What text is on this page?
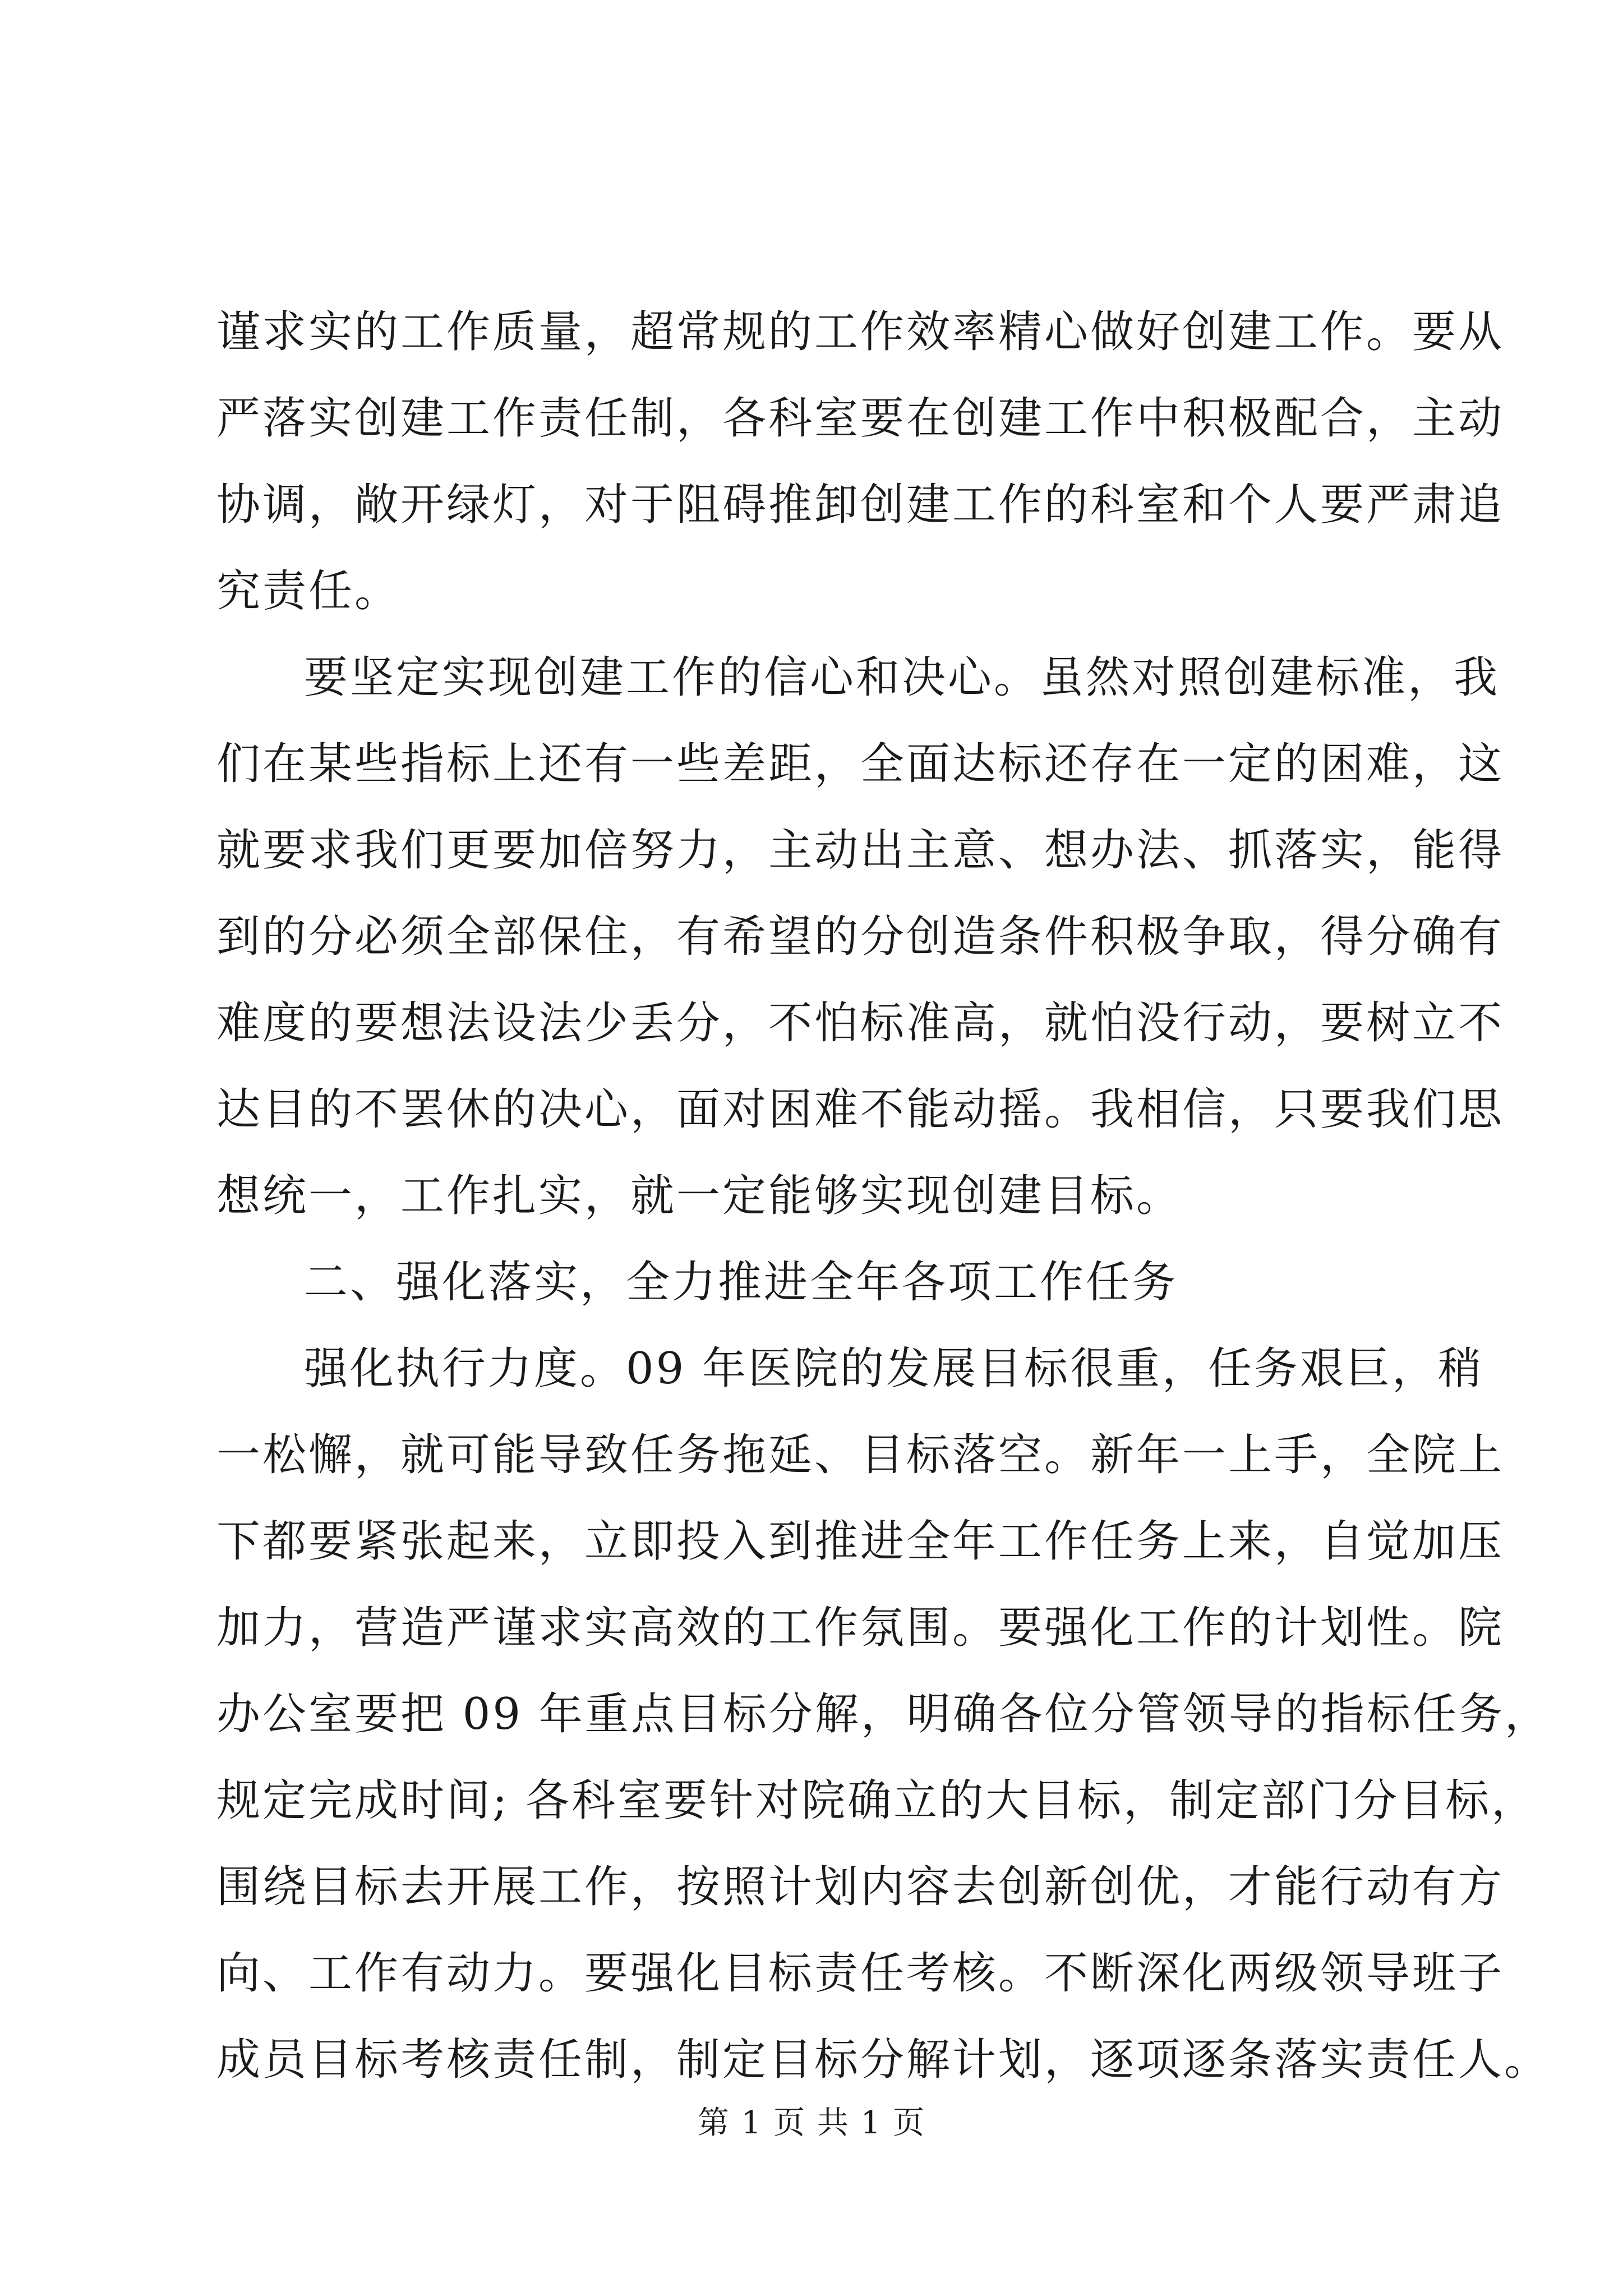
谨求实的工作质量，超常规的工作效率精心做好创建工作。要从
严落实创建工作责任制，各科室要在创建工作中积极配合，主动
协调，敞开绿灯，对于阻碍推卸创建工作的科室和个人要严肃追
究责任。
要坚定实现创建工作的信心和决心。虽然对照创建标准，我
们在某些指标上还有一些差距，全面达标还存在一定的困难，这
就要求我们更要加倍努力，主动出主意、想办法、抓落实，能得
到的分必须全部保住，有希望的分创造条件积极争取，得分确有
难度的要想法设法少丢分，不怕标准高，就怕没行动，要树立不
达目的不罢休的决心，面对困难不能动摇。我相信，只要我们思
想统一，工作扎实，就一定能够实现创建目标。
二、强化落实，全力推进全年各项工作任务
强化执行力度。09 年医院的发展目标很重，任务艰巨，稍
一松懈，就可能导致任务拖延、目标落空。新年一上手，全院上
下都要紧张起来，立即投入到推进全年工作任务上来，自觉加压
加力，营造严谨求实高效的工作氛围。要强化工作的计划性。院
办公室要把 09 年重点目标分解，明确各位分管领导的指标任务，
规定完成时间; 各科室要针对院确立的大目标，制定部门分目标，
围绕目标去开展工作，按照计划内容去创新创优，才能行动有方
向、工作有动力。要强化目标责任考核。不断深化两级领导班子
成员目标考核责任制，制定目标分解计划，逐项逐条落实责任人。
第 1 页 共 1 页
